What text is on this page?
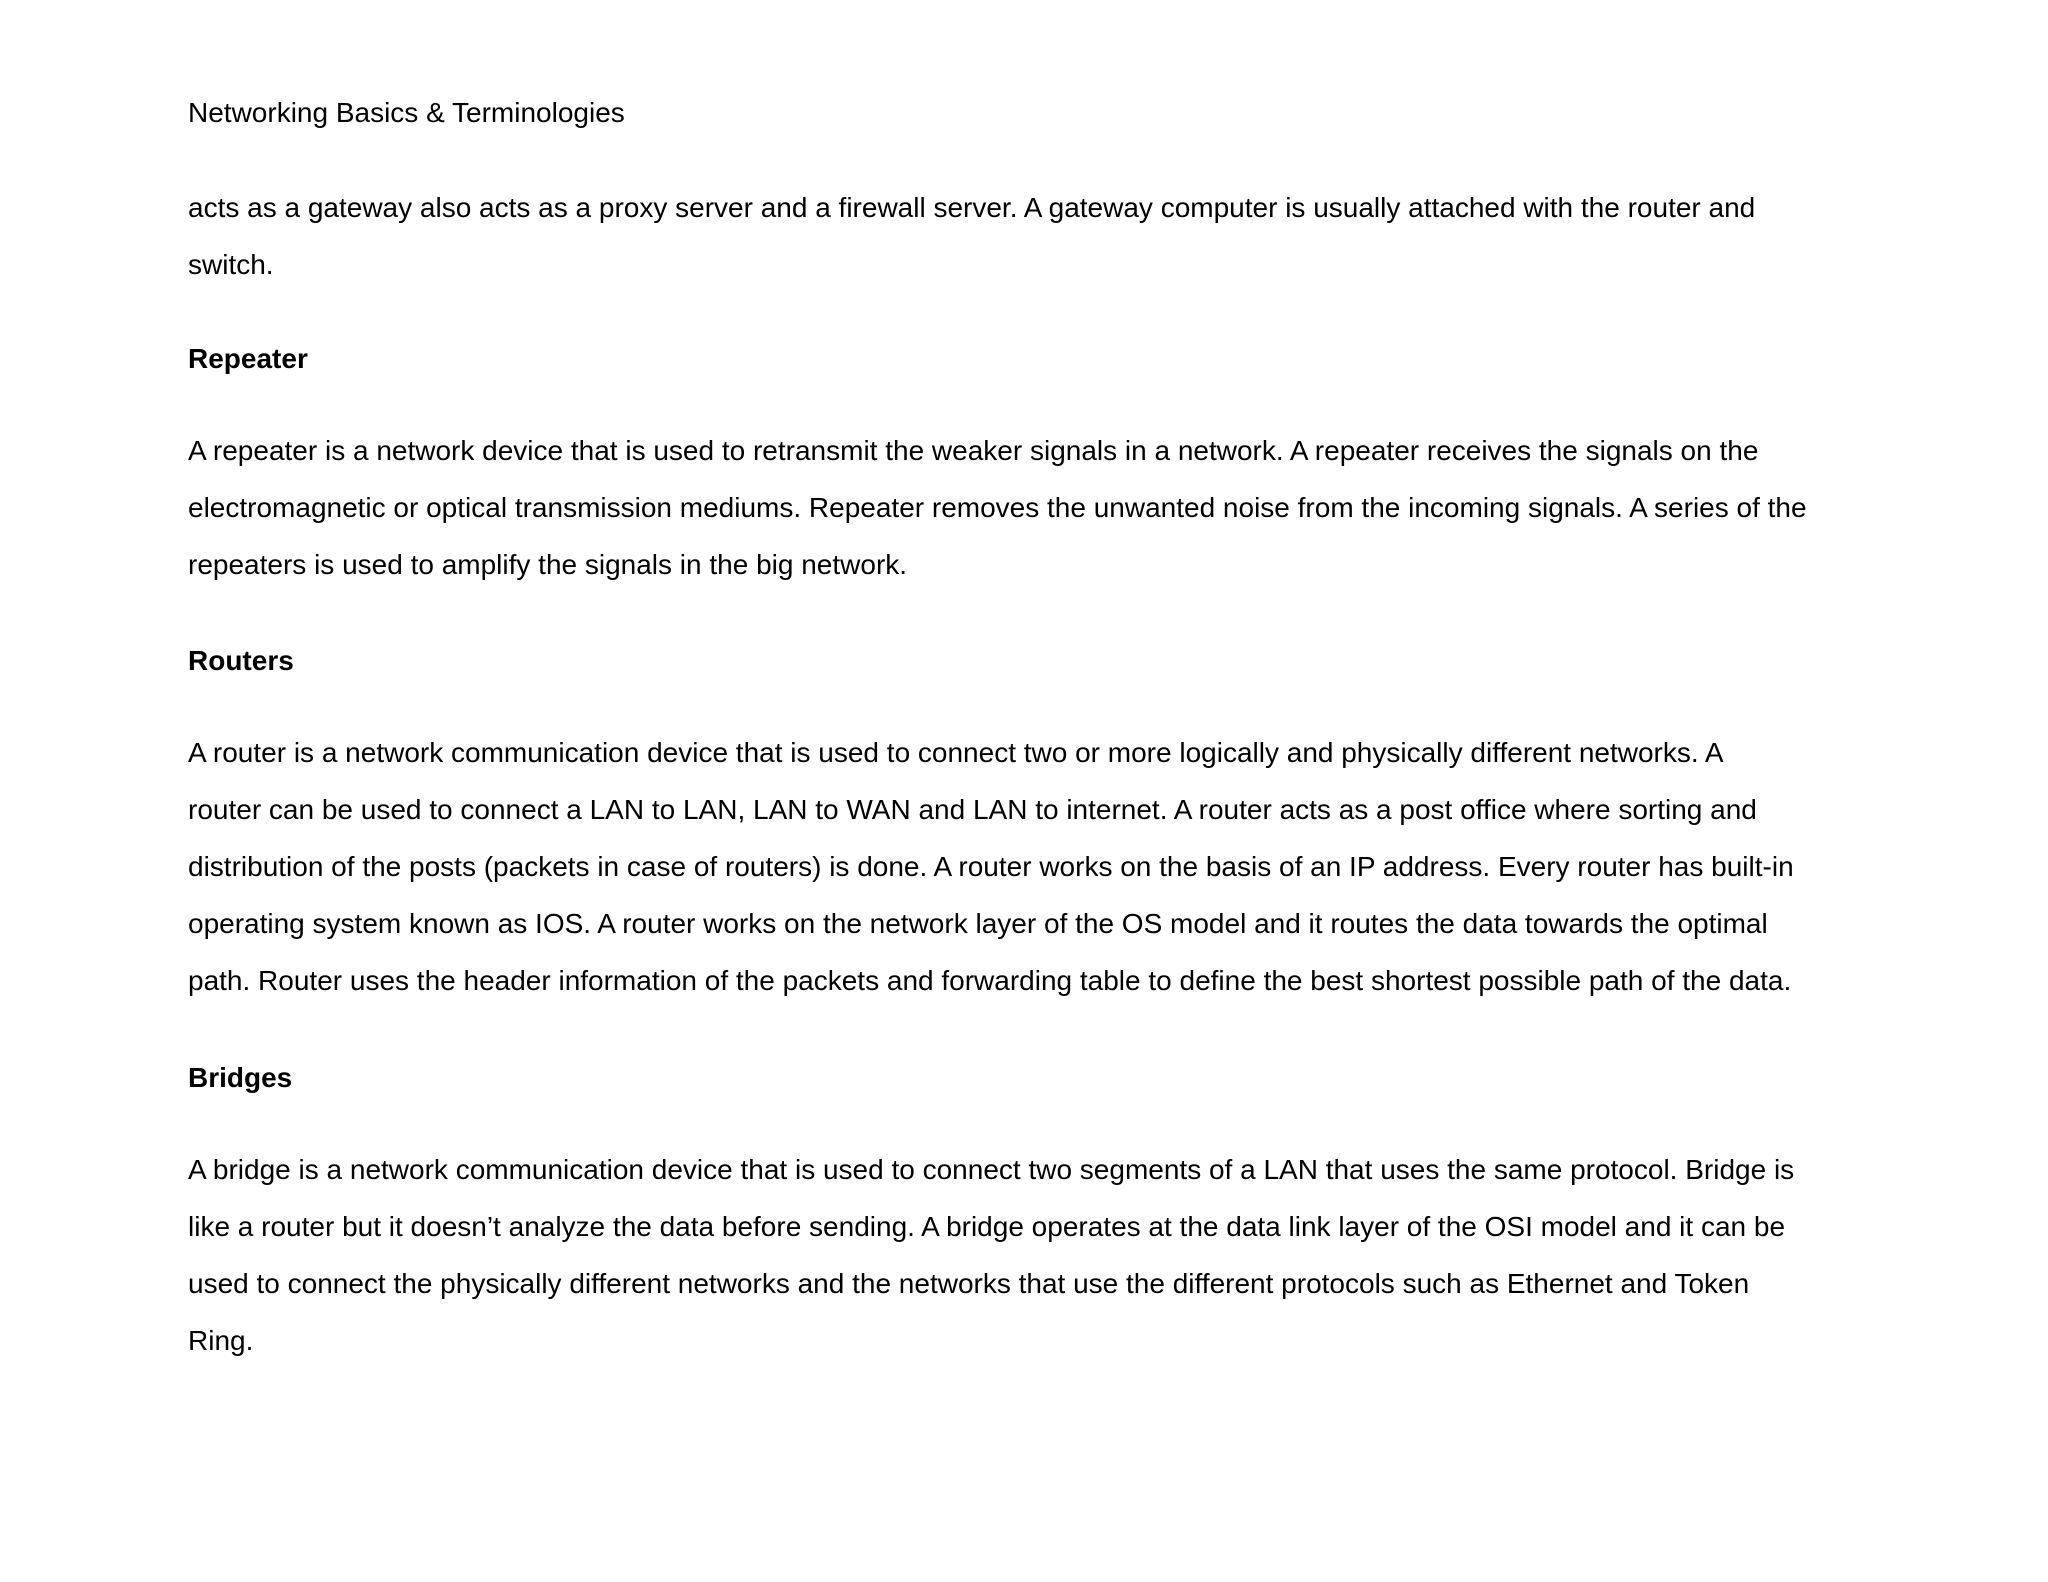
Networking Basics & Terminologies
acts as a gateway also acts as a proxy server and a firewall server. A gateway computer is usually attached with the router and
switch.
Repeater
A repeater is a network device that is used to retransmit the weaker signals in a network. A repeater receives the signals on the
electromagnetic or optical transmission mediums. Repeater removes the unwanted noise from the incoming signals. A series of the
repeaters is used to amplify the signals in the big network.
Routers
A router is a network communication device that is used to connect two or more logically and physically different networks. A
router can be used to connect a LAN to LAN, LAN to WAN and LAN to internet. A router acts as a post office where sorting and
distribution of the posts (packets in case of routers) is done. A router works on the basis of an IP address. Every router has built-in
operating system known as IOS. A router works on the network layer of the OS model and it routes the data towards the optimal
path. Router uses the header information of the packets and forwarding table to define the best shortest possible path of the data.
Bridges
A bridge is a network communication device that is used to connect two segments of a LAN that uses the same protocol. Bridge is
like a router but it doesn’t analyze the data before sending. A bridge operates at the data link layer of the OSI model and it can be
used to connect the physically different networks and the networks that use the different protocols such as Ethernet and Token
Ring.
